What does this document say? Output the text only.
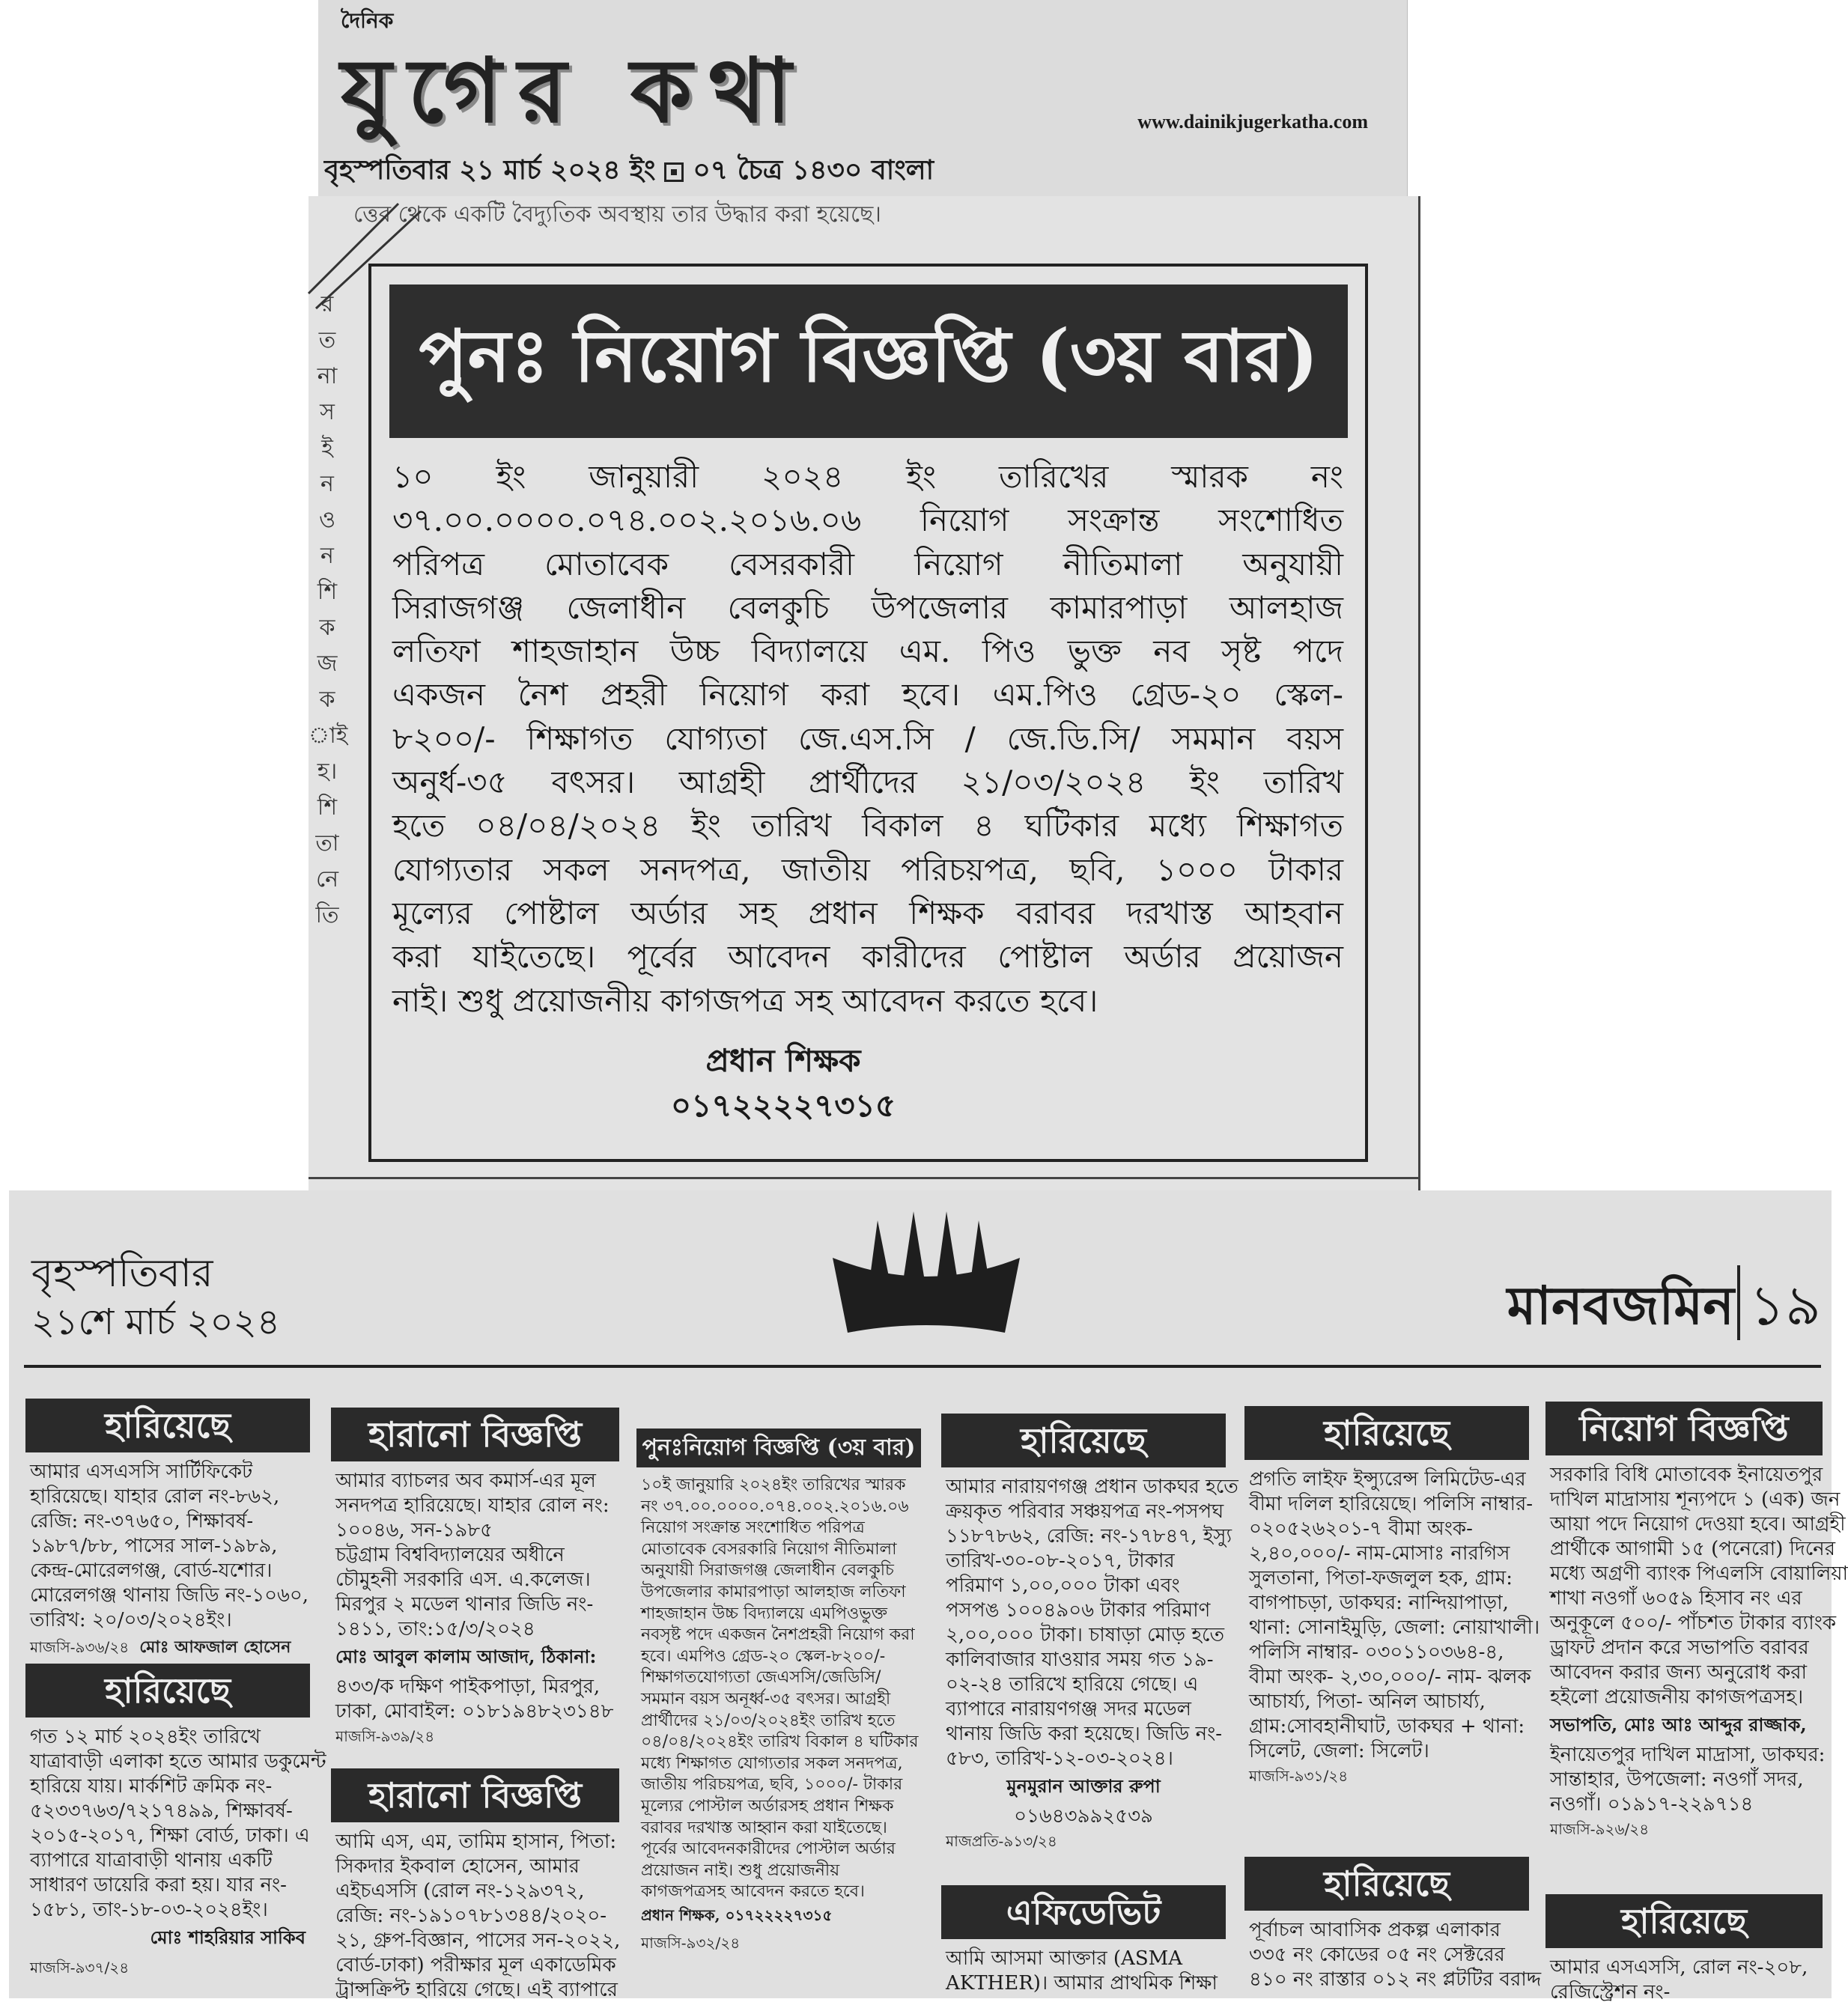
দৈনিক
যুগের কথা	www.dainikjugerkatha.com
বৃহস্পতিবার ২১ মার্চ ২০২৪ ইং ০৭ চৈত্র ১৪৩০ বাংলা
ত্তের থেকে একটি বৈদ্যুতিক অবস্থায় তার উদ্ধার করা হয়েছে।
র
ত
না
স
ই
ন
ও
ন
শি
ক
জ
ক
াই
হ।
শি
তা
নে
তি
পুনঃ নিয়োগ বিজ্ঞপ্তি (৩য় বার)
১০ ইং জানুয়ারী ২০২৪ ইং তারিখের স্মারক নং
৩৭.০০.০০০০.০৭৪.০০২.২০১৬.০৬ নিয়োগ সংক্রান্ত সংশোধিত
পরিপত্র মোতাবেক বেসরকারী নিয়োগ নীতিমালা অনুযায়ী
সিরাজগঞ্জ জেলাধীন বেলকুচি উপজেলার কামারপাড়া আলহাজ
লতিফা শাহজাহান উচ্চ বিদ্যালয়ে এম. পিও ভুক্ত নব সৃষ্ট পদে
একজন নৈশ প্রহরী নিয়োগ করা হবে। এম.পিও গ্রেড-২০ স্কেল-
৮২০০/- শিক্ষাগত যোগ্যতা জে.এস.সি / জে.ডি.সি/ সমমান বয়স
অনুর্ধ-৩৫ বৎসর। আগ্রহী প্রার্থীদের ২১/০৩/২০২৪ ইং তারিখ
হতে ০৪/০৪/২০২৪ ইং তারিখ বিকাল ৪ ঘটিকার মধ্যে শিক্ষাগত
যোগ্যতার সকল সনদপত্র, জাতীয় পরিচয়পত্র, ছবি, ১০০০ টাকার
মূল্যের পোষ্টাল অর্ডার সহ প্রধান শিক্ষক বরাবর দরখাস্ত আহবান
করা যাইতেছে। পূর্বের আবেদন কারীদের পোষ্টাল অর্ডার প্রয়োজন
নাই। শুধু প্রয়োজনীয় কাগজপত্র সহ আবেদন করতে হবে।
প্রধান শিক্ষক
০১৭২২২২৭৩১৫
বৃহস্পতিবার
২১শে মার্চ ২০২৪	মানবজমিন ১৯
হারিয়েছে
আমার এসএসসি সার্টিফিকেট
হারিয়েছে। যাহার রোল নং-৮৬২,
রেজি: নং-৩৭৬৫০, শিক্ষাবর্ষ-
১৯৮৭/৮৮, পাসের সাল-১৯৮৯,
কেন্দ্র-মোরেলগঞ্জ, বোর্ড-যশোর।
মোরেলগঞ্জ থানায় জিডি নং-১০৬০,
তারিখ: ২০/০৩/২০২৪ইং।
মাজসি-৯৩৬/২৪ মোঃ আফজাল হোসেন
হারিয়েছে
গত ১২ মার্চ ২০২৪ইং তারিখে
যাত্রাবাড়ী এলাকা হতে আমার ডকুমেন্ট
হারিয়ে যায়। মার্কশিট ক্রমিক নং-
৫২৩৩৭৬৩/৭২১৭৪৯৯, শিক্ষাবর্ষ-
২০১৫-২০১৭, শিক্ষা বোর্ড, ঢাকা। এ
ব্যাপারে যাত্রাবাড়ী থানায় একটি
সাধারণ ডায়েরি করা হয়। যার নং-
১৫৮১, তাং-১৮-০৩-২০২৪ইং।
মোঃ শাহরিয়ার সাকিব
মাজসি-৯৩৭/২৪
হারানো বিজ্ঞপ্তি
আমার ব্যাচলর অব কমার্স-এর মূল
সনদপত্র হারিয়েছে। যাহার রোল নং:
১০০৪৬, সন-১৯৮৫
চট্টগ্রাম বিশ্ববিদ্যালয়ের অধীনে
চৌমুহনী সরকারি এস. এ.কলেজ।
মিরপুর ২ মডেল থানার জিডি নং-
১৪১১, তাং:১৫/৩/২০২৪
মোঃ আবুল কালাম আজাদ, ঠিকানা:
৪৩৩/ক দক্ষিণ পাইকপাড়া, মিরপুর,
ঢাকা, মোবাইল: ০১৮১৯৪৮২৩১৪৮
মাজসি-৯৩৯/২৪
হারানো বিজ্ঞপ্তি
আমি এস, এম, তামিম হাসান, পিতা:
সিকদার ইকবাল হোসেন, আমার
এইচএসসি (রোল নং-১২৯৩৭২,
রেজি: নং-১৯১০৭৮১৩৪৪/২০২০-
২১, গ্রুপ-বিজ্ঞান, পাসের সন-২০২২,
বোর্ড-ঢাকা) পরীক্ষার মূল একাডেমিক
ট্রান্সক্রিপ্ট হারিয়ে গেছে। এই ব্যাপারে
পুনঃনিয়োগ বিজ্ঞপ্তি (৩য় বার)
১০ই জানুয়ারি ২০২৪ইং তারিখের স্মারক
নং ৩৭.০০.০০০০.০৭৪.০০২.২০১৬.০৬
নিয়োগ সংক্রান্ত সংশোধিত পরিপত্র
মোতাবেক বেসরকারি নিয়োগ নীতিমালা
অনুযায়ী সিরাজগঞ্জ জেলাধীন বেলকুচি
উপজেলার কামারপাড়া আলহাজ লতিফা
শাহজাহান উচ্চ বিদ্যালয়ে এমপিওভুক্ত
নবসৃষ্ট পদে একজন নৈশপ্রহরী নিয়োগ করা
হবে। এমপিও গ্রেড-২০ স্কেল-৮২০০/-
শিক্ষাগতযোগ্যতা জেএসসি/জেডিসি/
সমমান বয়স অনূর্ধ্ব-৩৫ বৎসর। আগ্রহী
প্রার্থীদের ২১/০৩/২০২৪ইং তারিখ হতে
০৪/০৪/২০২৪ইং তারিখ বিকাল ৪ ঘটিকার
মধ্যে শিক্ষাগত যোগ্যতার সকল সনদপত্র,
জাতীয় পরিচয়পত্র, ছবি, ১০০০/- টাকার
মূল্যের পোস্টাল অর্ডারসহ প্রধান শিক্ষক
বরাবর দরখাস্ত আহ্বান করা যাইতেছে।
পূর্বের আবেদনকারীদের পোস্টাল অর্ডার
প্রয়োজন নাই। শুধু প্রয়োজনীয়
কাগজপত্রসহ আবেদন করতে হবে।
প্রধান শিক্ষক, ০১৭২২২২৭৩১৫
মাজসি-৯৩২/২৪
হারিয়েছে
আমার নারায়ণগঞ্জ প্রধান ডাকঘর হতে
ক্রয়কৃত পরিবার সঞ্চয়পত্র নং-পসপঘ
১১৮৭৮৬২, রেজি: নং-১৭৮৪৭, ইস্যু
তারিখ-৩০-০৮-২০১৭, টাকার
পরিমাণ ১,০০,০০০ টাকা এবং
পসপঙ ১০০৪৯০৬ টাকার পরিমাণ
২,০০,০০০ টাকা। চাষাড়া মোড় হতে
কালিবাজার যাওয়ার সময় গত ১৯-
০২-২৪ তারিখে হারিয়ে গেছে। এ
ব্যাপারে নারায়ণগঞ্জ সদর মডেল
থানায় জিডি করা হয়েছে। জিডি নং-
৫৮৩, তারিখ-১২-০৩-২০২৪।
মুনমুরান আক্তার রুপা
০১৬৪৩৯৯২৫৩৯
মাজপ্রতি-৯১৩/২৪
এফিডেভিট
আমি আসমা আক্তার (ASMA
AKTHER)। আমার প্রাথমিক শিক্ষা
হারিয়েছে
প্রগতি লাইফ ইন্স্যুরেন্স লিমিটেড-এর
বীমা দলিল হারিয়েছে। পলিসি নাম্বার-
০২০৫২৬২০১-৭ বীমা অংক-
২,৪০,০০০/- নাম-মোসাঃ নারগিস
সুলতানা, পিতা-ফজলুল হক, গ্রাম:
বাগপাচড়া, ডাকঘর: নান্দিয়াপাড়া,
থানা: সোনাইমুড়ি, জেলা: নোয়াখালী।
পলিসি নাম্বার- ০৩০১১০৩৬৪-৪,
বীমা অংক- ২,৩০,০০০/- নাম- ঝলক
আচার্য্য, পিতা- অনিল আচার্য্য,
গ্রাম:সোবহানীঘাট, ডাকঘর + থানা:
সিলেট, জেলা: সিলেট।
মাজসি-৯৩১/২৪
হারিয়েছে
পূর্বাচল আবাসিক প্রকল্প এলাকার
৩৩৫ নং কোডের ০৫ নং সেক্টরের
৪১০ নং রাস্তার ০১২ নং প্লটটির বরাদ্দ
নিয়োগ বিজ্ঞপ্তি
সরকারি বিধি মোতাবেক ইনায়েতপুর
দাখিল মাদ্রাসায় শূন্যপদে ১ (এক) জন
আয়া পদে নিয়োগ দেওয়া হবে। আগ্রহী
প্রার্থীকে আগামী ১৫ (পনেরো) দিনের
মধ্যে অগ্রণী ব্যাংক পিএলসি বোয়ালিয়া
শাখা নওগাঁ ৬০৫৯ হিসাব নং এর
অনুকূলে ৫০০/- পাঁচশত টাকার ব্যাংক
ড্রাফট প্রদান করে সভাপতি বরাবর
আবেদন করার জন্য অনুরোধ করা
হইলো প্রয়োজনীয় কাগজপত্রসহ।
সভাপতি, মোঃ আঃ আব্দুর রাজ্জাক,
ইনায়েতপুর দাখিল মাদ্রাসা, ডাকঘর:
সান্তাহার, উপজেলা: নওগাঁ সদর,
নওগাঁ। ০১৯১৭-২২৯৭১৪
মাজসি-৯২৬/২৪
হারিয়েছে
আমার এসএসসি, রোল নং-২০৮,
রেজিস্ট্রেশন নং-
